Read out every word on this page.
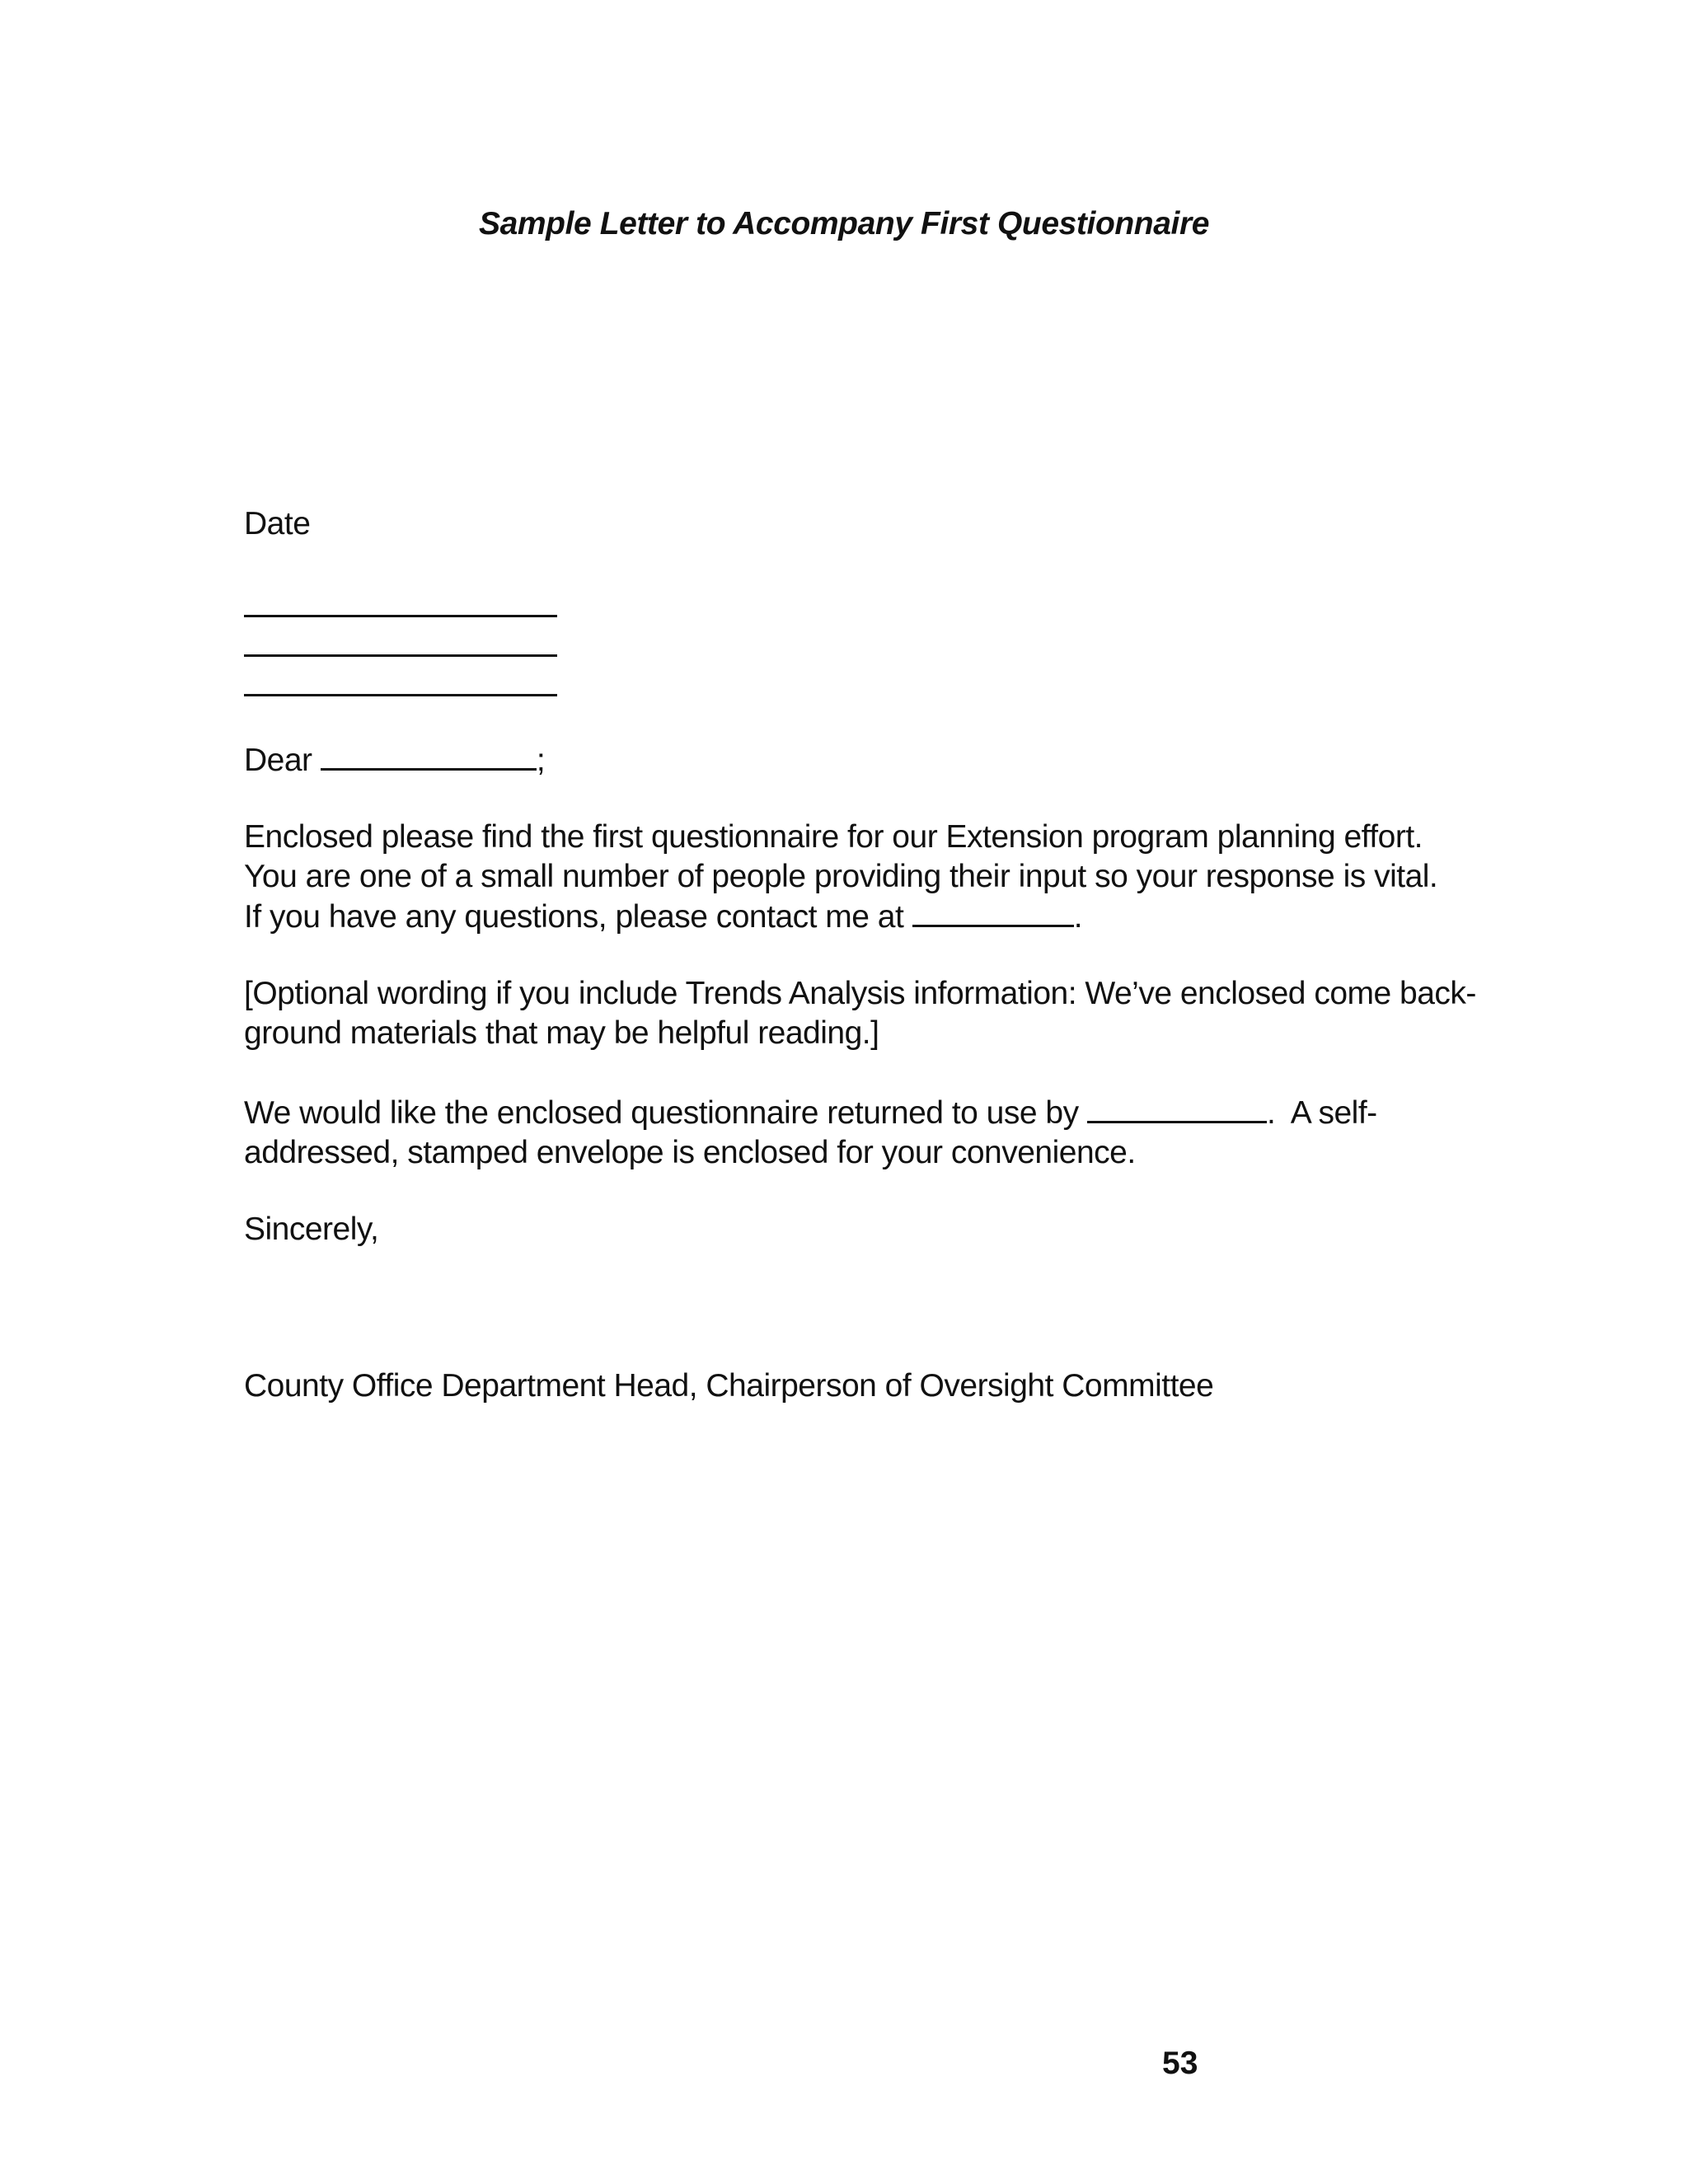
Sample Letter to Accompany First Questionnaire
Date
Dear	;
Enclosed please find the first questionnaire for our Extension program planning effort.
You are one of a small number of people providing their input so your response is vital.
If you have any questions, please contact me at	.
[Optional wording if you include Trends Analysis information: We’ve enclosed come back-
ground materials that may be helpful reading.]
We would like the enclosed questionnaire returned to use by	.  A self-
addressed, stamped envelope is enclosed for your convenience.
Sincerely,
County Office Department Head, Chairperson of Oversight Committee
53
